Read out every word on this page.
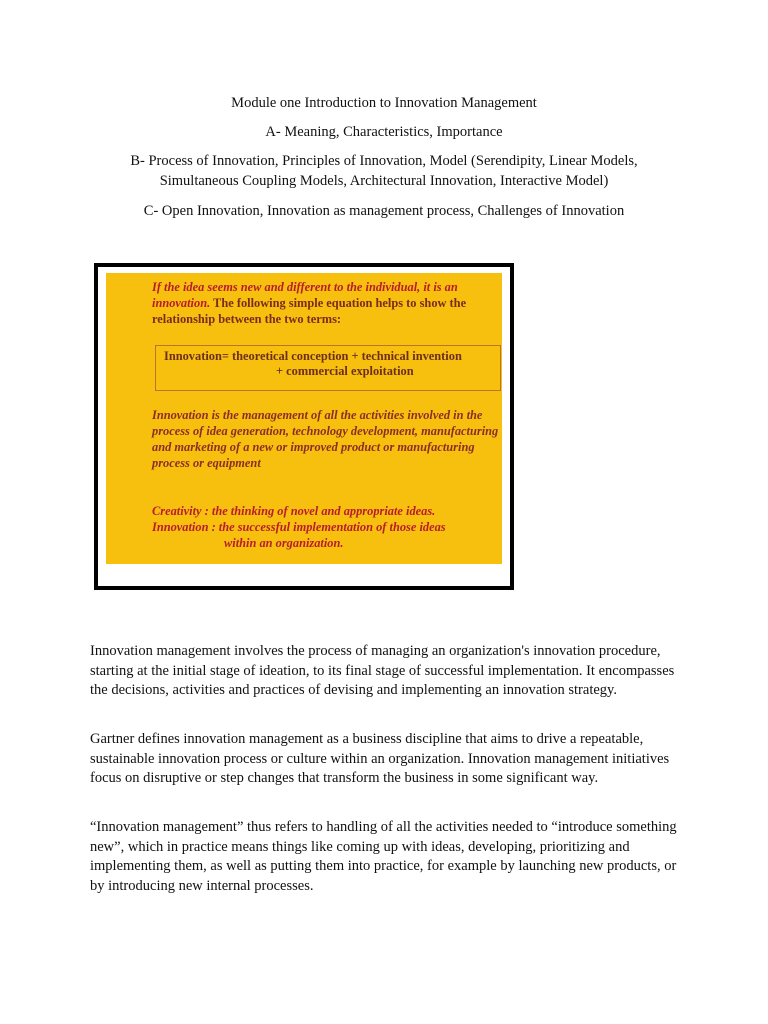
Module one Introduction to Innovation Management
A- Meaning, Characteristics, Importance
B- Process of Innovation, Principles of Innovation, Model (Serendipity, Linear Models, Simultaneous Coupling Models, Architectural Innovation, Interactive Model)
C- Open Innovation, Innovation as management process, Challenges of Innovation
If the idea seems new and different to the individual, it is an innovation. The following simple equation helps to show the relationship between the two terms:
Innovation= theoretical conception + technical invention
+ commercial exploitation
Innovation is the management of all the activities involved in the process of idea generation, technology development, manufacturing and marketing of a new or improved product or manufacturing process or equipment
Creativity : the thinking of novel and appropriate ideas.
Innovation : the successful implementation of those ideas
within an organization.

Innovation management involves the process of managing an organization's innovation procedure, starting at the initial stage of ideation, to its final stage of successful implementation. It encompasses the decisions, activities and practices of devising and implementing an innovation strategy.

Gartner defines innovation management as a business discipline that aims to drive a repeatable, sustainable innovation process or culture within an organization. Innovation management initiatives focus on disruptive or step changes that transform the business in some significant way.

“Innovation management” thus refers to handling of all the activities needed to “introduce something new”, which in practice means things like coming up with ideas, developing, prioritizing and implementing them, as well as putting them into practice, for example by launching new products, or by introducing new internal processes.
